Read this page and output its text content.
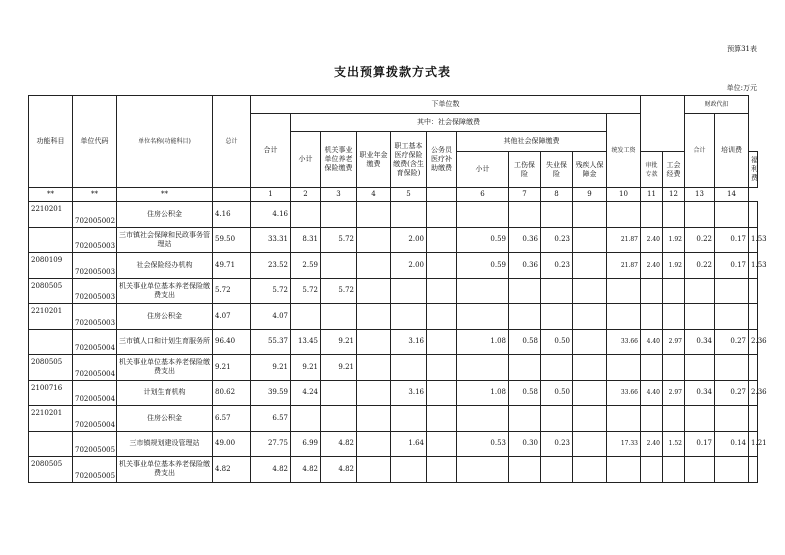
预算31表
支出预算拨款方式表
单位:万元
功能科目	单位代码	单位名称(功能科目)	总计	下单位数													财政代扣		
				合计	其中：社会保障缴费									统发工资			合计	培训费	
					小计	机关事业单位养老保险缴费	职业年金缴费	职工基本医疗保险缴费(含生育保险)	公务员医疗补助缴费	其他社会保障缴费									
										小计	工伤保险	失业保险	残疾人保障金		审批专款	工会经费			福利费
**	**	**		1	2	3	4	5		6	7	8	9	10	11	12	13	14	
2210201	702005002	住房公积金	4.16	4.16															
	702005003	三市镇社会保障和民政事务管理站	59.50	33.31	8.31	5.72		2.00		0.59	0.36	0.23		21.87	2.40	1.92	0.22	0.17	1.53
2080109	702005003	社会保险经办机构	49.71	23.52	2.59			2.00		0.59	0.36	0.23		21.87	2.40	1.92	0.22	0.17	1.53
2080505	702005003	机关事业单位基本养老保险缴费支出	5.72	5.72	5.72	5.72													
2210201	702005003	住房公积金	4.07	4.07															
	702005004	三市镇人口和计划生育服务所	96.40	55.37	13.45	9.21		3.16		1.08	0.58	0.50		33.66	4.40	2.97	0.34	0.27	2.36
2080505	702005004	机关事业单位基本养老保险缴费支出	9.21	9.21	9.21	9.21													
2100716	702005004	计划生育机构	80.62	39.59	4.24			3.16		1.08	0.58	0.50		33.66	4.40	2.97	0.34	0.27	2.36
2210201	702005004	住房公积金	6.57	6.57															
	702005005	三市镇规划建设管理站	49.00	27.75	6.99	4.82		1.64		0.53	0.30	0.23		17.33	2.40	1.52	0.17	0.14	1.21
2080505	702005005	机关事业单位基本养老保险缴费支出	4.82	4.82	4.82	4.82													
